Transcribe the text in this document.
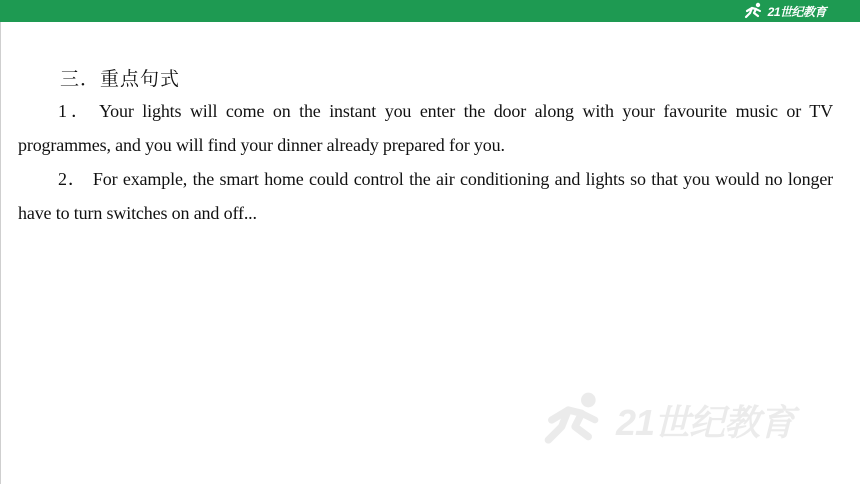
21世纪教育
三．重点句式

1． Your lights will come on the instant you enter the door along with your favourite music or TV programmes, and you will find your dinner already prepared for you.

2． For example, the smart home could control the air conditioning and lights so that you would no longer have to turn switches on and off...

21世纪教育
